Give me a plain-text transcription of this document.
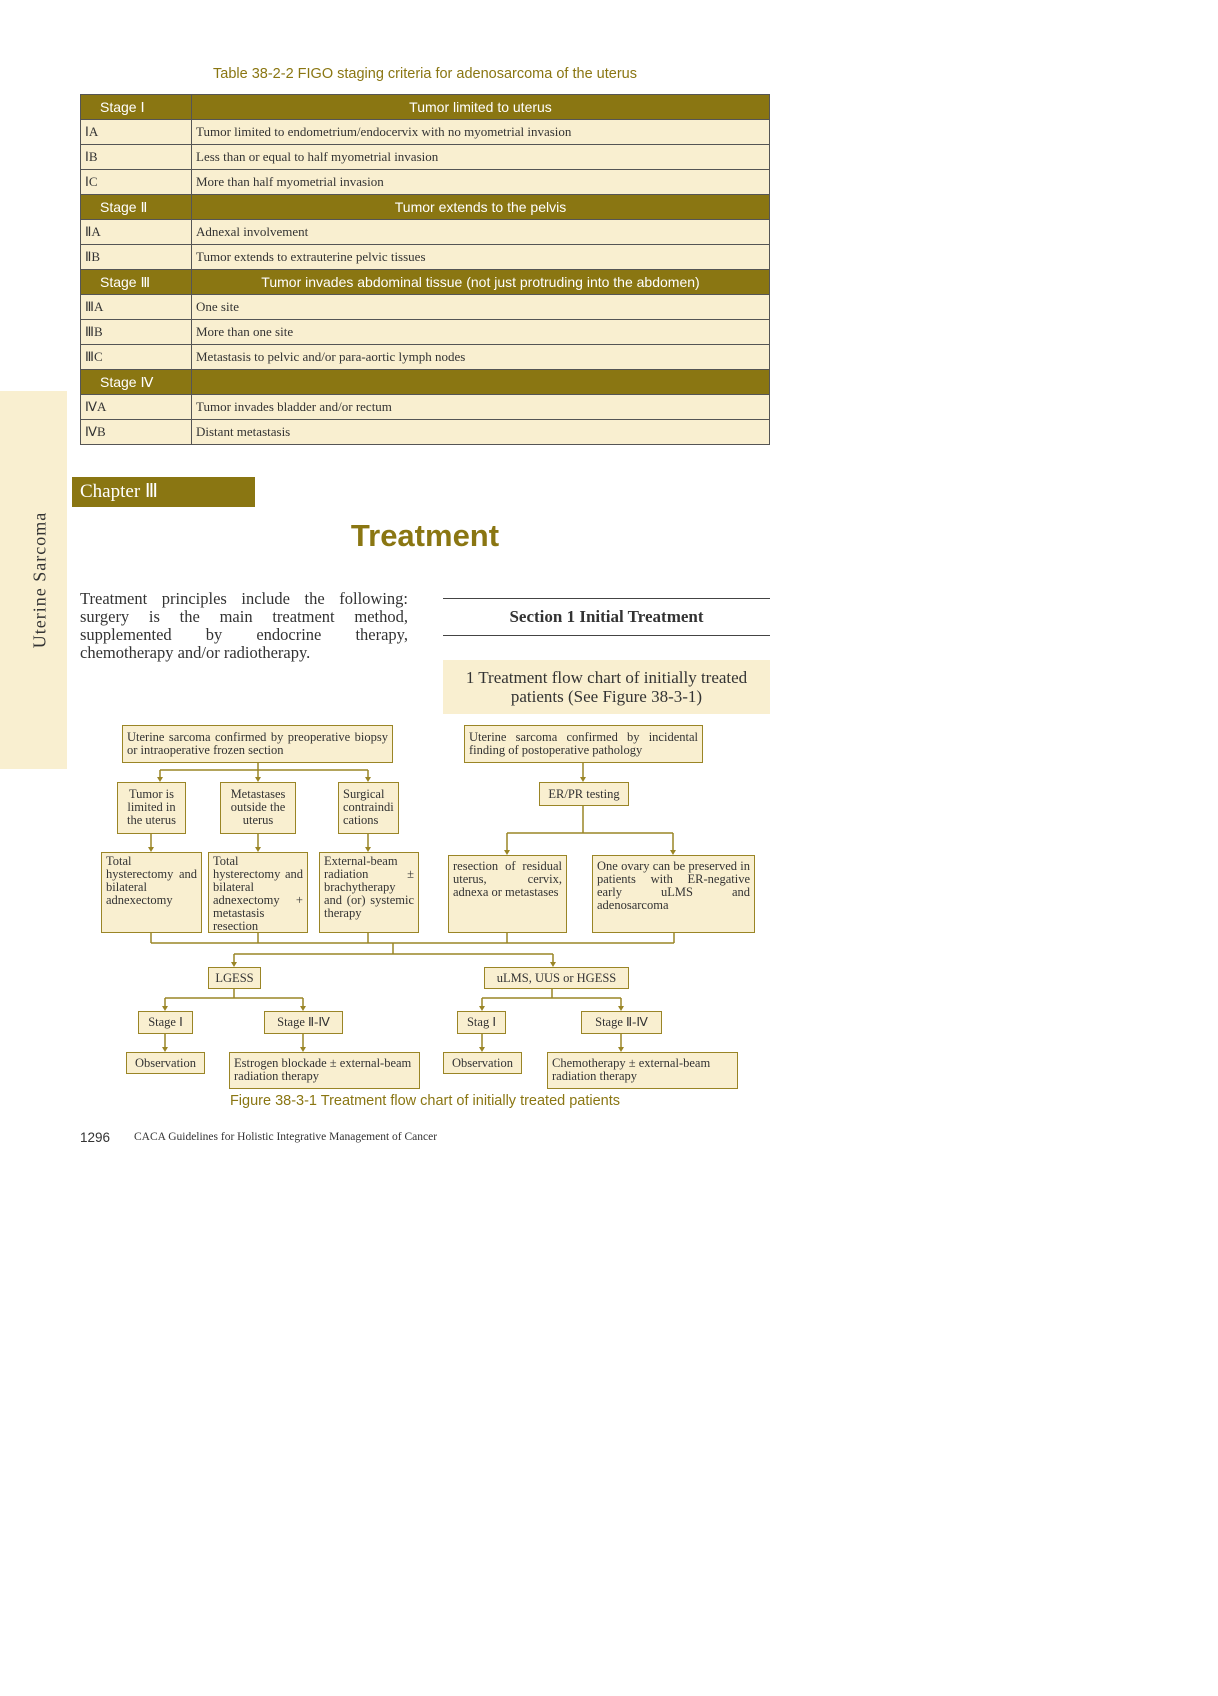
Uterine Sarcoma
Table 38-2-2 FIGO staging criteria for adenosarcoma of the uterus
Stage Ⅰ	Tumor limited to uterus
ⅠA	Tumor limited to endometrium/endocervix with no myometrial invasion
ⅠB	Less than or equal to half myometrial invasion
ⅠC	More than half myometrial invasion
Stage Ⅱ	Tumor extends to the pelvis
ⅡA	Adnexal involvement
ⅡB	Tumor extends to extrauterine pelvic tissues
Stage Ⅲ	Tumor invades abdominal tissue (not just protruding into the abdomen)
ⅢA	One site
ⅢB	More than one site
ⅢC	Metastasis to pelvic and/or para-aortic lymph nodes
Stage Ⅳ	
ⅣA	Tumor invades bladder and/or rectum
ⅣB	Distant metastasis
Chapter Ⅲ
Treatment
Treatment principles include the following: surgery is the main treatment method, supplemented by endocrine therapy, chemotherapy and/or radiotherapy.
Section 1 Initial Treatment
1 Treatment flow chart of initially treated patients (See Figure 38-3-1)
Uterine sarcoma confirmed by preoperative biopsy or intraoperative frozen section
Uterine sarcoma confirmed by incidental finding of postoperative pathology
Tumor is limited in the uterus
Metastases outside the uterus
Surgical contraindications
ER/PR testing
Total hysterectomy and bilateral adnexectomy
Total hysterectomy and bilateral adnexectomy + metastasis resection
External-beam radiation ± brachytherapy and (or) systemic therapy
resection of residual uterus, cervix, adnexa or metastases
One ovary can be preserved in patients with ER-negative early uLMS and adenosarcoma
LGESS	uLMS, UUS or HGESS
Stage Ⅰ	Stage Ⅱ-Ⅳ	Stag Ⅰ	Stage Ⅱ-Ⅳ
Observation	Estrogen blockade ± external-beam radiation therapy
Observation	Chemotherapy ± external-beam radiation therapy
Figure 38-3-1 Treatment flow chart of initially treated patients
1296 CACA Guidelines for Holistic Integrative Management of Cancer
